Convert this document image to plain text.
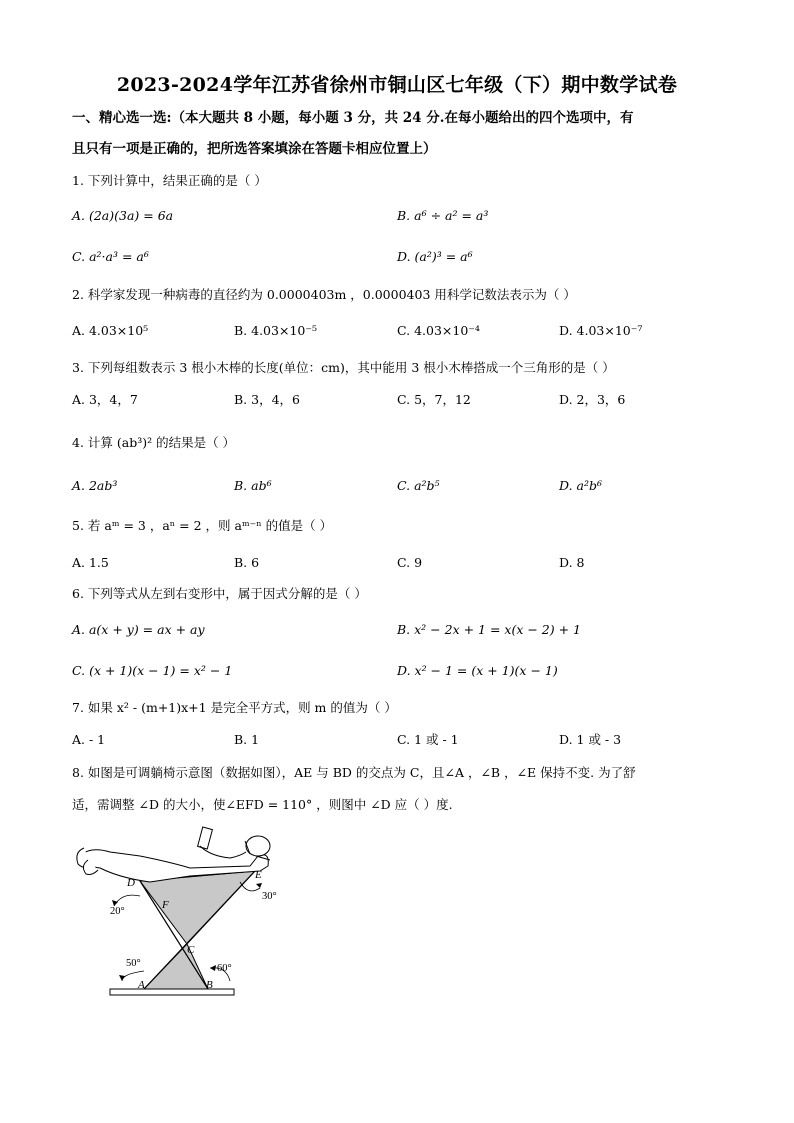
2023-2024学年江苏省徐州市铜山区七年级（下）期中数学试卷
一、精心选一选:（本大题共 8 小题，每小题 3 分，共 24 分.在每小题给出的四个选项中，有
且只有一项是正确的，把所选答案填涂在答题卡相应位置上）
1. 下列计算中，结果正确的是（ ）
A. (2a)(3a) = 6a	B. a⁶ ÷ a² = a³
C. a²·a³ = a⁶	D. (a²)³ = a⁶
2. 科学家发现一种病毒的直径约为 0.0000403m ，0.0000403 用科学记数法表示为（ ）
A. 4.03×10⁵	B. 4.03×10⁻⁵	C. 4.03×10⁻⁴	D. 4.03×10⁻⁷
3. 下列每组数表示 3 根小木棒的长度(单位：cm)，其中能用 3 根小木棒搭成一个三角形的是（ ）
A. 3，4，7	B. 3，4，6	C. 5，7，12	D. 2，3，6
4. 计算 (ab³)² 的结果是（ ）
A. 2ab³	B. ab⁶	C. a²b⁵	D. a²b⁶
5. 若 aᵐ = 3 ，aⁿ = 2 ，则 aᵐ⁻ⁿ 的值是（ ）
A. 1.5	B. 6	C. 9	D. 8
6. 下列等式从左到右变形中，属于因式分解的是（ ）
A. a(x + y) = ax + ay	B. x² − 2x + 1 = x(x − 2) + 1
C. (x + 1)(x − 1) = x² − 1	D. x² − 1 = (x + 1)(x − 1)
7. 如果 x² - (m+1)x+1 是完全平方式，则 m 的值为（ ）
A. - 1	B. 1	C. 1 或 - 1	D. 1 或 - 3
8. 如图是可调躺椅示意图（数据如图），AE 与 BD 的交点为 C，且∠A ，∠B ，∠E 保持不变. 为了舒
适，需调整 ∠D 的大小，使∠EFD = 110° ，则图中 ∠D 应（ ）度.
D
E
F
C
A	B
20°
30°
50°	60°
